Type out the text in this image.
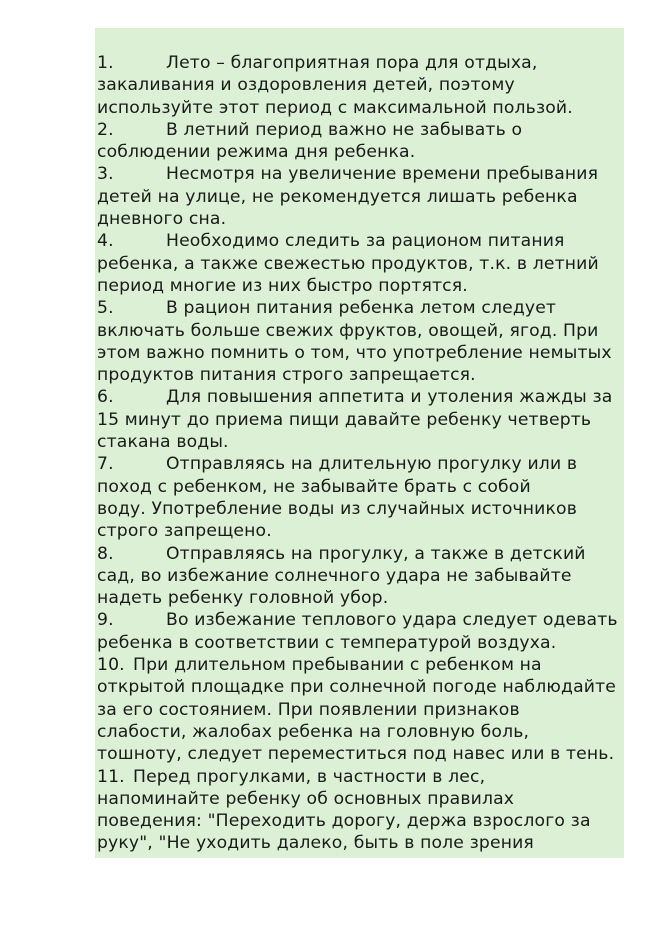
1.	Лето – благоприятная пора для отдыха,
закаливания и оздоровления детей, поэтому
используйте этот период с максимальной пользой.
2.	В летний период важно не забывать о
соблюдении режима дня ребенка.
3.	Несмотря на увеличение времени пребывания
детей на улице, не рекомендуется лишать ребенка
дневного сна.
4.	Необходимо следить за рационом питания
ребенка, а также свежестью продуктов, т.к. в летний
период многие из них быстро портятся.
5.	В рацион питания ребенка летом следует
включать больше свежих фруктов, овощей, ягод. При
этом важно помнить о том, что употребление немытых
продуктов питания строго запрещается.
6.	Для повышения аппетита и утоления жажды за
15 минут до приема пищи давайте ребенку четверть
стакана воды.
7.	Отправляясь на длительную прогулку или в
поход с ребенком, не забывайте брать с собой
воду. Употребление воды из случайных источников
строго запрещено.
8.	Отправляясь на прогулку, а также в детский
сад, во избежание солнечного удара не забывайте
надеть ребенку головной убор.
9.	Во избежание теплового удара следует одевать
ребенка в соответствии с температурой воздуха.
10. При длительном пребывании с ребенком на
открытой площадке при солнечной погоде наблюдайте
за его состоянием. При появлении признаков
слабости, жалобах ребенка на головную боль,
тошноту, следует переместиться под навес или в тень.
11. Перед прогулками, в частности в лес,
напоминайте ребенку об основных правилах
поведения: "Переходить дорогу, держа взрослого за
руку", "Не уходить далеко, быть в поле зрения
